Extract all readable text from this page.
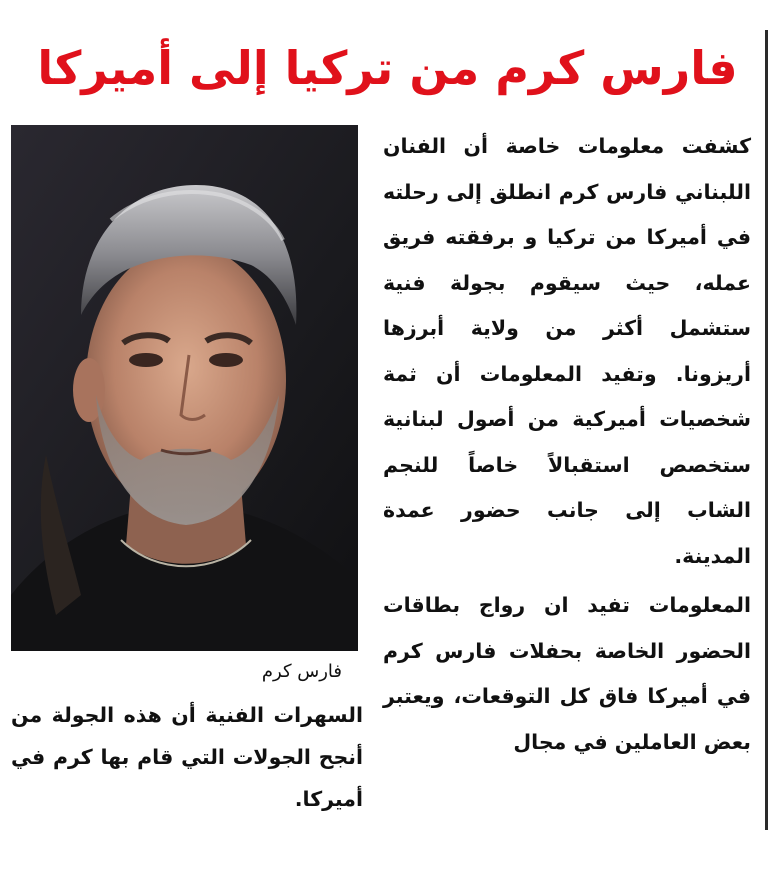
فارس كرم من تركيا إلى أميركا
فارس كرم

السهرات الفنية أن هذه الجولة من أنجح الجولات التي قام بها كرم في أميركا.

كشفت معلومات خاصة أن الفنان اللبناني فارس كرم انطلق إلى رحلته في أميركا من تركيا و برفقته فريق عمله، حيث سيقوم بجولة فنية ستشمل أكثر من ولاية أبرزها أريزونا. وتفيد المعلومات أن ثمة شخصيات أميركية من أصول لبنانية ستخصص استقبالاً خاصاً للنجم الشاب إلى جانب حضور عمدة المدينة.

المعلومات تفيد ان رواج بطاقات الحضور الخاصة بحفلات فارس كرم في أميركا فاق كل التوقعات، ويعتبر بعض العاملين في مجال
